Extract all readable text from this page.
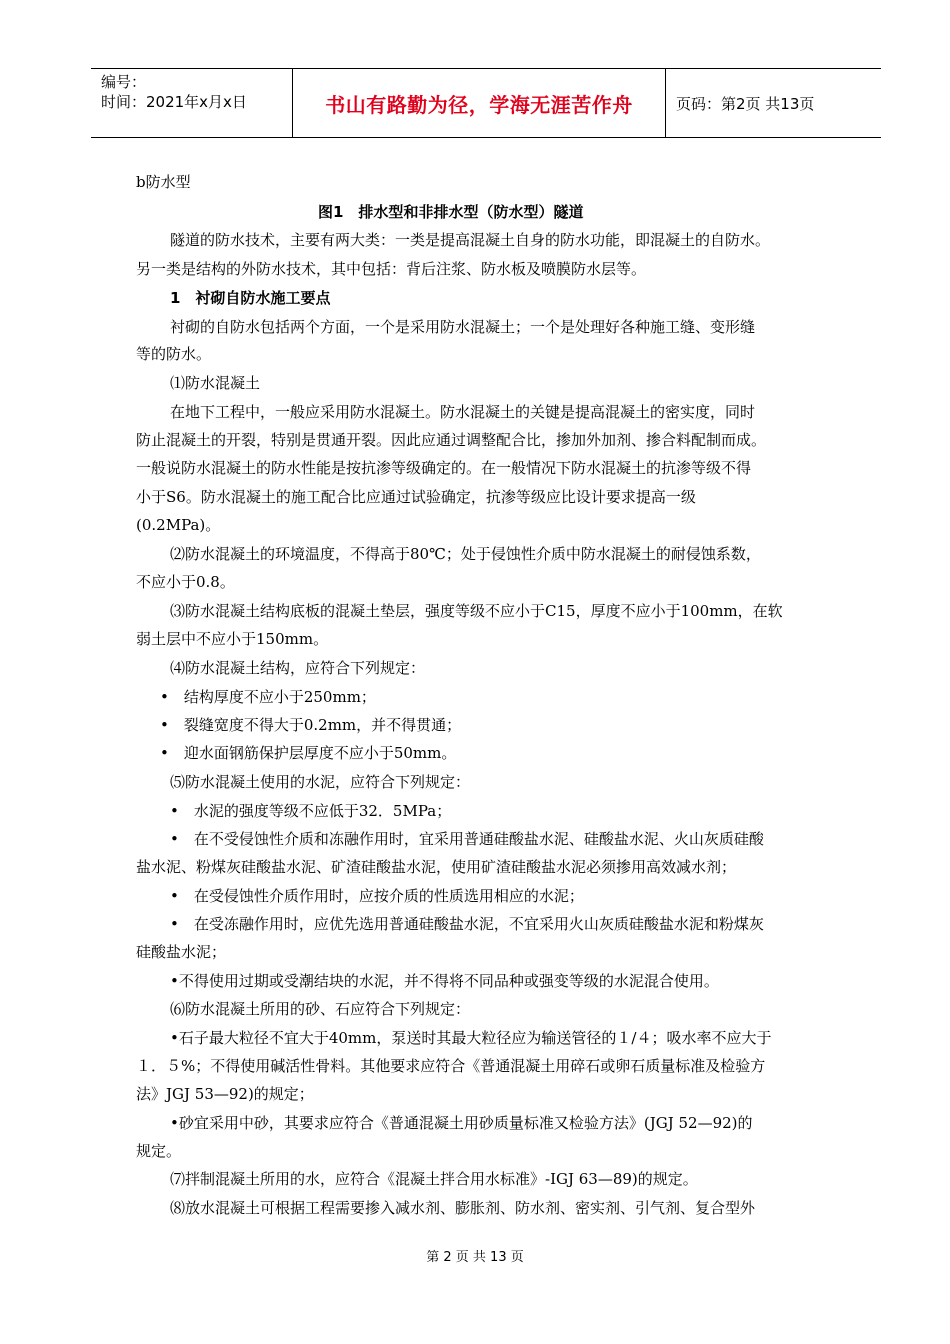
编号：
时间：2021年x月x日	书山有路勤为径，学海无涯苦作舟	页码：第2页 共13页
b防水型
图1　排水型和非排水型（防水型）隧道
隧道的防水技术，主要有两大类：一类是提高混凝土自身的防水功能，即混凝土的自防水。
另一类是结构的外防水技术，其中包括：背后注浆、防水板及喷膜防水层等。
1　衬砌自防水施工要点
衬砌的自防水包括两个方面，一个是采用防水混凝土；一个是处理好各种施工缝、变形缝
等的防水。
⑴防水混凝土
在地下工程中，一般应采用防水混凝土。防水混凝土的关键是提高混凝土的密实度，同时
防止混凝土的开裂，特别是贯通开裂。因此应通过调整配合比，掺加外加剂、掺合料配制而成。
一般说防水混凝土的防水性能是按抗渗等级确定的。在一般情况下防水混凝土的抗渗等级不得
小于S6。防水混凝土的施工配合比应通过试验确定，抗渗等级应比设计要求提高一级
(0.2MPa)。
⑵防水混凝土的环境温度，不得高于80℃；处于侵蚀性介质中防水混凝土的耐侵蚀系数，
不应小于0.8。
⑶防水混凝土结构底板的混凝土垫层，强度等级不应小于C15，厚度不应小于100mm，在软
弱土层中不应小于150mm。
⑷防水混凝土结构，应符合下列规定：
•　结构厚度不应小于250mm；
•　裂缝宽度不得大于0.2mm，并不得贯通；
•　迎水面钢筋保护层厚度不应小于50mm。
⑸防水混凝土使用的水泥，应符合下列规定：
•　水泥的强度等级不应低于32．5MPa；
•　在不受侵蚀性介质和冻融作用时，宜采用普通硅酸盐水泥、硅酸盐水泥、火山灰质硅酸
盐水泥、粉煤灰硅酸盐水泥、矿渣硅酸盐水泥，使用矿渣硅酸盐水泥必须掺用高效减水剂；
•　在受侵蚀性介质作用时，应按介质的性质选用相应的水泥；
•　在受冻融作用时，应优先选用普通硅酸盐水泥，不宜采用火山灰质硅酸盐水泥和粉煤灰
硅酸盐水泥；
•不得使用过期或受潮结块的水泥，并不得将不同品种或强变等级的水泥混合使用。
⑹防水混凝土所用的砂、石应符合下列规定：
•石子最大粒径不宜大于40mm，泵送时其最大粒径应为输送管径的１/４；吸水率不应大于
１．５%；不得使用碱活性骨料。其他要求应符合《普通混凝土用碎石或卵石质量标准及检验方
法》JGJ 53—92)的规定；
•砂宜采用中砂，其要求应符合《普通混凝土用砂质量标准又检验方法》(JGJ 52—92)的
规定。
⑺拌制混凝土所用的水，应符合《混凝土拌合用水标准》-IGJ 63—89)的规定。
⑻放水混凝土可根据工程需要掺入减水剂、膨胀剂、防水剂、密实剂、引气剂、复合型外
第 2 页 共 13 页
